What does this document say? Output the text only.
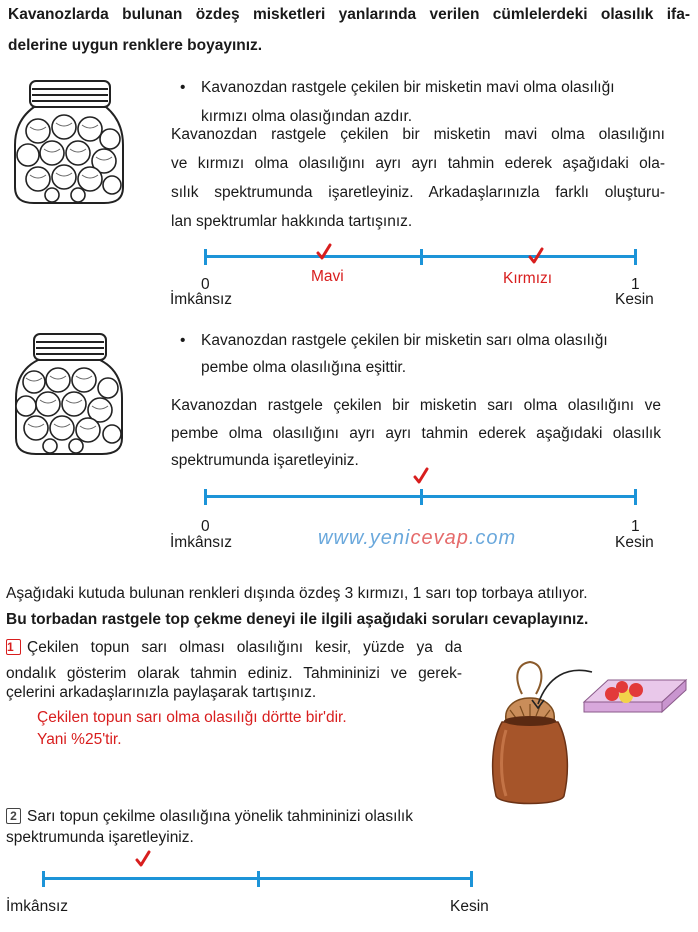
Kavanozlarda bulunan özdeş misketleri yanlarında verilen cümlelerdeki olasılık ifa-
delerine uygun renklere boyayınız.
• Kavanozdan rastgele çekilen bir misketin mavi olma olasılığı
kırmızı olma olasığından azdır.
Kavanozdan rastgele çekilen bir misketin mavi olma olasılığını
ve kırmızı olma olasılığını ayrı ayrı tahmin ederek aşağıdaki ola-
sılık spektrumunda işaretleyiniz. Arkadaşlarınızla farklı oluşturu-
lan spektrumlar hakkında tartışınız.
0	Mavi	Kırmızı	1
İmkânsız	Kesin
• Kavanozdan rastgele çekilen bir misketin sarı olma olasılığı
pembe olma olasılığına eşittir.
Kavanozdan rastgele çekilen bir misketin sarı olma olasılığını ve
pembe olma olasılığını ayrı ayrı tahmin ederek aşağıdaki olasılık
spektrumunda işaretleyiniz.
0	1
İmkânsız	Kesin
www.yenicevap.com
Aşağıdaki kutuda bulunan renkleri dışında özdeş 3 kırmızı, 1 sarı top torbaya atılıyor.
Bu torbadan rastgele top çekme deneyi ile ilgili aşağıdaki soruları cevaplayınız.
1 Çekilen topun sarı olması olasılığını kesir, yüzde ya da
ondalık gösterim olarak tahmin ediniz. Tahmininizi ve gerek-
çelerini arkadaşlarınızla paylaşarak tartışınız.
Çekilen topun sarı olma olasılığı dörtte bir'dir.
Yani %25'tir.
2 Sarı topun çekilme olasılığına yönelik tahmininizi olasılık
spektrumunda işaretleyiniz.
İmkânsız	Kesin
